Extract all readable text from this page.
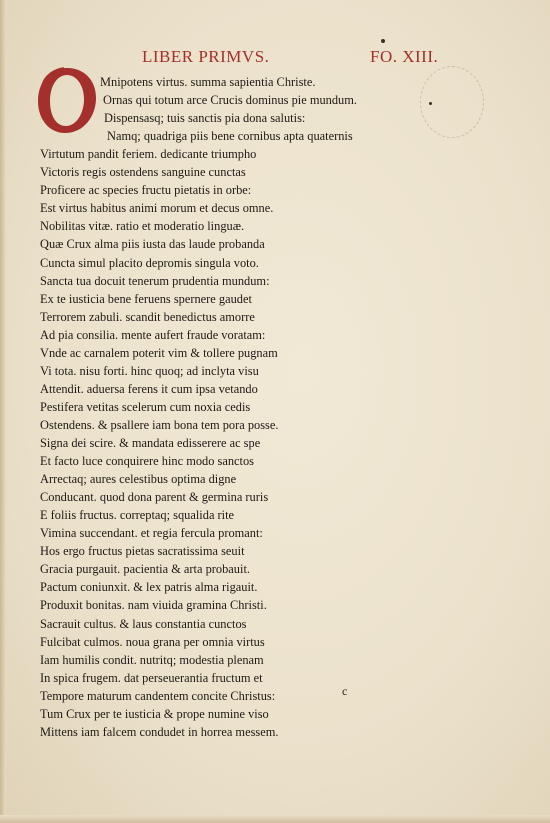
LIBER PRIMVS.	FO. XIII.
Mnipotens virtus. summa sapientia Christe.
Ornas qui totum arce Crucis dominus pie mundum.
Dispensasq; tuis sanctis pia dona salutis:
Namq; quadriga piis bene cornibus apta quaternis
Virtutum pandit feriem. dedicante triumpho
Victoris regis ostendens sanguine cunctas
Proficere ac species fructu pietatis in orbe:
Est virtus habitus animi morum et decus omne.
Nobilitas vitæ. ratio et moderatio linguæ.
Quæ Crux alma piis iusta das laude probanda
Cuncta simul placito depromis singula voto.
Sancta tua docuit tenerum prudentia mundum:
Ex te iusticia bene feruens spernere gaudet
Terrorem zabuli. scandit benedictus amorre
Ad pia consilia. mente aufert fraude voratam:
Vnde ac carnalem poterit vim & tollere pugnam
Vi tota. nisu forti. hinc quoq; ad inclyta visu
Attendit. aduersa ferens it cum ipsa vetando
Pestifera vetitas scelerum cum noxia cedis
Ostendens. & psallere iam bona tem pora posse.
Signa dei scire. & mandata edisserere ac spe
Et facto luce conquirere hinc modo sanctos
Arrectaq; aures celestibus optima digne
Conducant. quod dona parent & germina ruris
E foliis fructus. correptaq; squalida rite
Vimina succendant. et regia fercula promant:
Hos ergo fructus pietas sacratissima seuit
Gracia purgauit. pacientia & arta probauit.
Pactum coniunxit. & lex patris alma rigauit.
Produxit bonitas. nam viuida gramina Christi.
Sacrauit cultus. & laus constantia cunctos
Fulcibat culmos. noua grana per omnia virtus
Iam humilis condit. nutritq; modestia plenam
In spica frugem. dat perseuerantia fructum et
Tempore maturum candentem concite Christus:
Tum Crux per te iusticia & prope numine viso
Mittens iam falcem condudet in horrea messem.
c
